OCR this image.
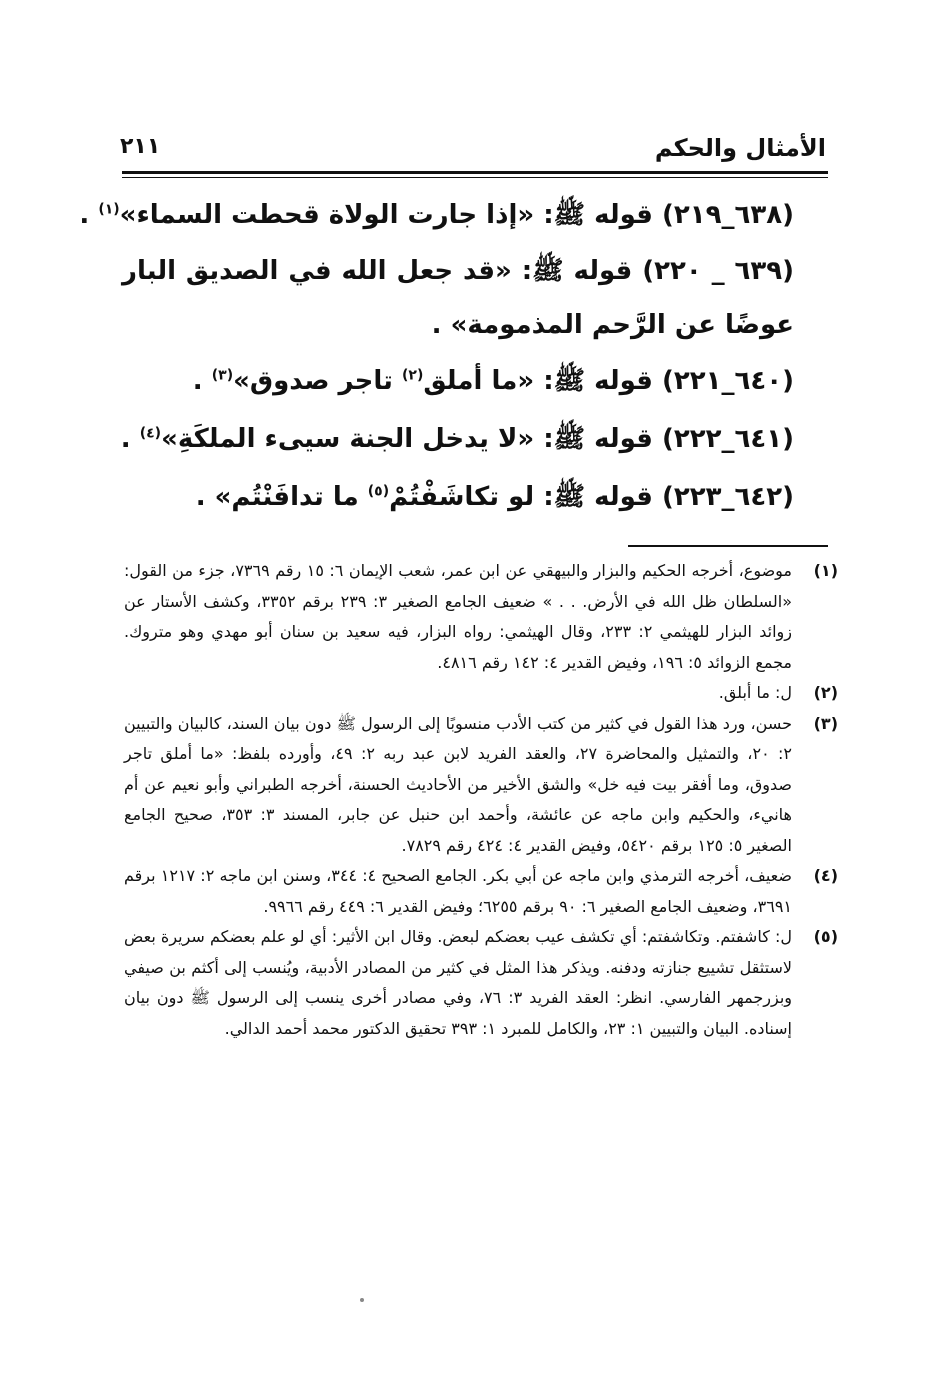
الأمثال والحكم
٢١١

(٦٣٨_٢١٩) قوله ﷺ: «إذا جارت الولاة قحطت السماء»$^{(١)}$ .

(٦٣٩ _ ٢٢٠) قوله ﷺ: «قد جعل الله في الصديق البار عوضًا عن الرَّحم المذمومة» .

(٦٤٠_٢٢١) قوله ﷺ: «ما أملق$^{(٢)}$ تاجر صدوق»$^{(٣)}$ .

(٦٤١_٢٢٢) قوله ﷺ: «لا يدخل الجنة سيىء الملكَةِ»$^{(٤)}$ .

(٦٤٢_٢٢٣) قوله ﷺ: لو تكاشَفْتُمْ$^{(٥)}$ ما تدافَنْتُم» .

(١)
موضوع، أخرجه الحكيم والبزار والبيهقي عن ابن عمر، شعب الإيمان ٦: ١٥ رقم ٧٣٦٩، جزء من القول: «السلطان ظل الله في الأرض. . . » ضعيف الجامع الصغير ٣: ٢٣٩ برقم ٣٣٥٢، وكشف الأستار عن زوائد البزار للهيثمي ٢: ٢٣٣، وقال الهيثمي: رواه البزار، فيه سعيد بن سنان أبو مهدي وهو متروك. مجمع الزوائد ٥: ١٩٦، وفيض القدير ٤: ١٤٢ رقم ٤٨١٦.
(٢)
ل: ما أبلق.
(٣)
حسن، ورد هذا القول في كثير من كتب الأدب منسوبًا إلى الرسول ﷺ دون بيان السند، كالبيان والتبيين ٢: ٢٠، والتمثيل والمحاضرة ٢٧، والعقد الفريد لابن عبد ربه ٢: ٤٩، وأورده بلفظ: «ما أملق تاجر صدوق، وما أفقر بيت فيه خل» والشق الأخير من الأحاديث الحسنة، أخرجه الطبراني وأبو نعيم عن أم هانيء، والحكيم وابن ماجه عن عائشة، وأحمد ابن حنبل عن جابر، المسند ٣: ٣٥٣، صحيح الجامع الصغير ٥: ١٢٥ برقم ٥٤٢٠، وفيض القدير ٤: ٤٢٤ رقم ٧٨٢٩.
(٤)
ضعيف، أخرجه الترمذي وابن ماجه عن أبي بكر. الجامع الصحيح ٤: ٣٤٤، وسنن ابن ماجه ٢: ١٢١٧ برقم ٣٦٩١، وضعيف الجامع الصغير ٦: ٩٠ برقم ٦٢٥٥؛ وفيض القدير ٦: ٤٤٩ رقم ٩٩٦٦.
(٥)
ل: كاشفتم. وتكاشفتم: أي تكشف عيب بعضكم لبعض. وقال ابن الأثير: أي لو علم بعضكم سريرة بعض لاستثقل تشييع جنازته ودفنه. ويذكر هذا المثل في كثير من المصادر الأدبية، ويُنسب إلى أكثم بن صيفي وبزرجمهر الفارسي. انظر: العقد الفريد ٣: ٧٦، وفي مصادر أخرى ينسب إلى الرسول ﷺ دون بيان إسناده. البيان والتبيين ١: ٢٣، والكامل للمبرد ١: ٣٩٣ تحقيق الدكتور محمد أحمد الدالي.
